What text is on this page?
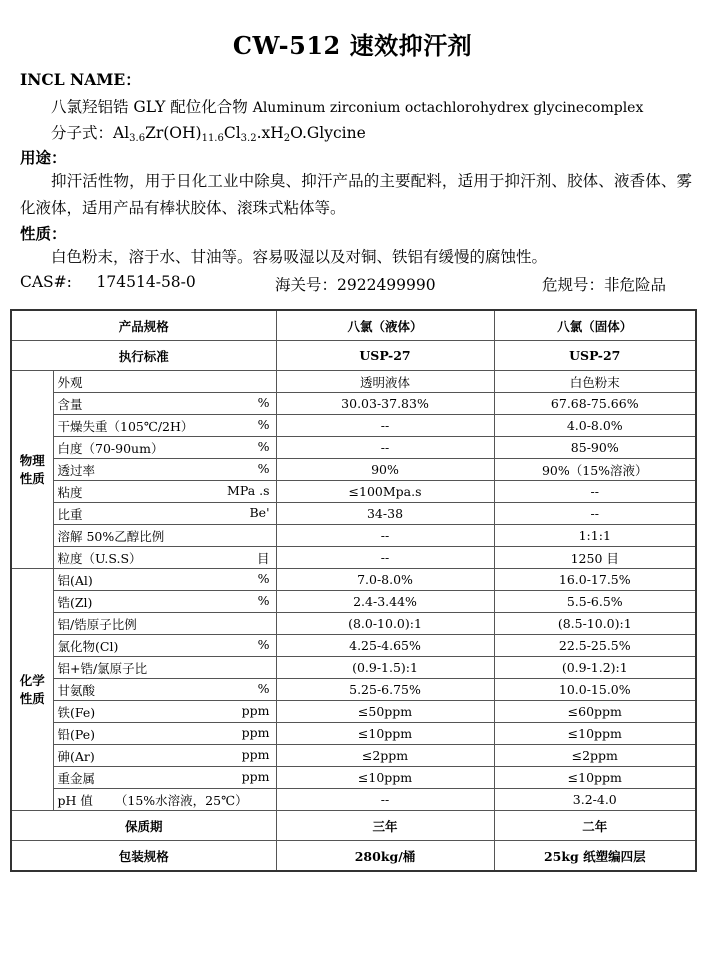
CW-512 速效抑汗剂
INCL NAME：
八氯羟铝锆 GLY 配位化合物 Aluminum zirconium octachlorohydrex glycinecomplex
分子式：$Al_{3.6}Zr(OH)_{11.6}Cl_{3.2}.xH_2O.Glycine$
用途：
抑汗活性物，用于日化工业中除臭、抑汗产品的主要配料，适用于抑汗剂、胶体、液香体、雾化液体，适用产品有棒状胶体、滚珠式粘体等。
性质：
白色粉末，溶于水、甘油等。容易吸湿以及对铜、铁铝有缓慢的腐蚀性。
CAS#: 174514-58-0	海关号：2922499990	危规号：非危险品
产品规格		八氯（液体）	八氯（固体）
执行标准		USP-27	USP-27
物理性质	外观	透明液体	白色粉末

	含量 %	30.03-37.83%	67.68-75.66%

	干燥失重（105℃/2H） %	--	4.0-8.0%

	白度（70-90um） %	--	85-90%

	透过率 %	90%	90%（15%溶液）

	粘度 MPa .s	≤100Mpa.s	--

	比重 Be'	34-38	--

	溶解 50%乙醇比例	--	1:1:1

	粒度（U.S.S） 目	--	1250 目
化学性质	铝(Al) %	7.0-8.0%	16.0-17.5%

	锆(Zl) %	2.4-3.44%	5.5-6.5%

	铝/锆原子比例	(8.0-10.0):1	(8.5-10.0):1

	氯化物(Cl) %	4.25-4.65%	22.5-25.5%

	铝+锆/氯原子比	(0.9-1.5):1	(0.9-1.2):1

	甘氨酸 %	5.25-6.75%	10.0-15.0%

	铁(Fe) ppm	≤50ppm	≤60ppm

	铅(Pe) ppm	≤10ppm	≤10ppm

	砷(Ar) ppm	≤2ppm	≤2ppm

	重金属 ppm	≤10ppm	≤10ppm

	pH 值 （15%水溶液，25℃）	--	3.2-4.0
保质期		三年	二年
包装规格		280kg/桶	25kg 纸塑编四层
